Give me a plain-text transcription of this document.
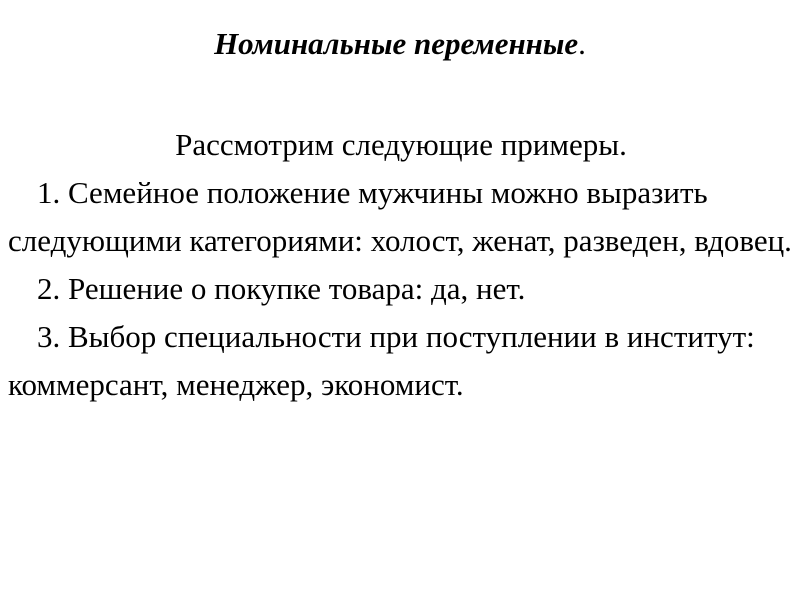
Номинальные переменные.

Рассмотрим следующие примеры.

1. Семейное положение мужчины можно выразить следующими категориями: холост, женат, разведен, вдовец.

2. Решение о покупке товара: да, нет.

3. Выбор специальности при поступлении в институт: коммерсант, менеджер, экономист.
